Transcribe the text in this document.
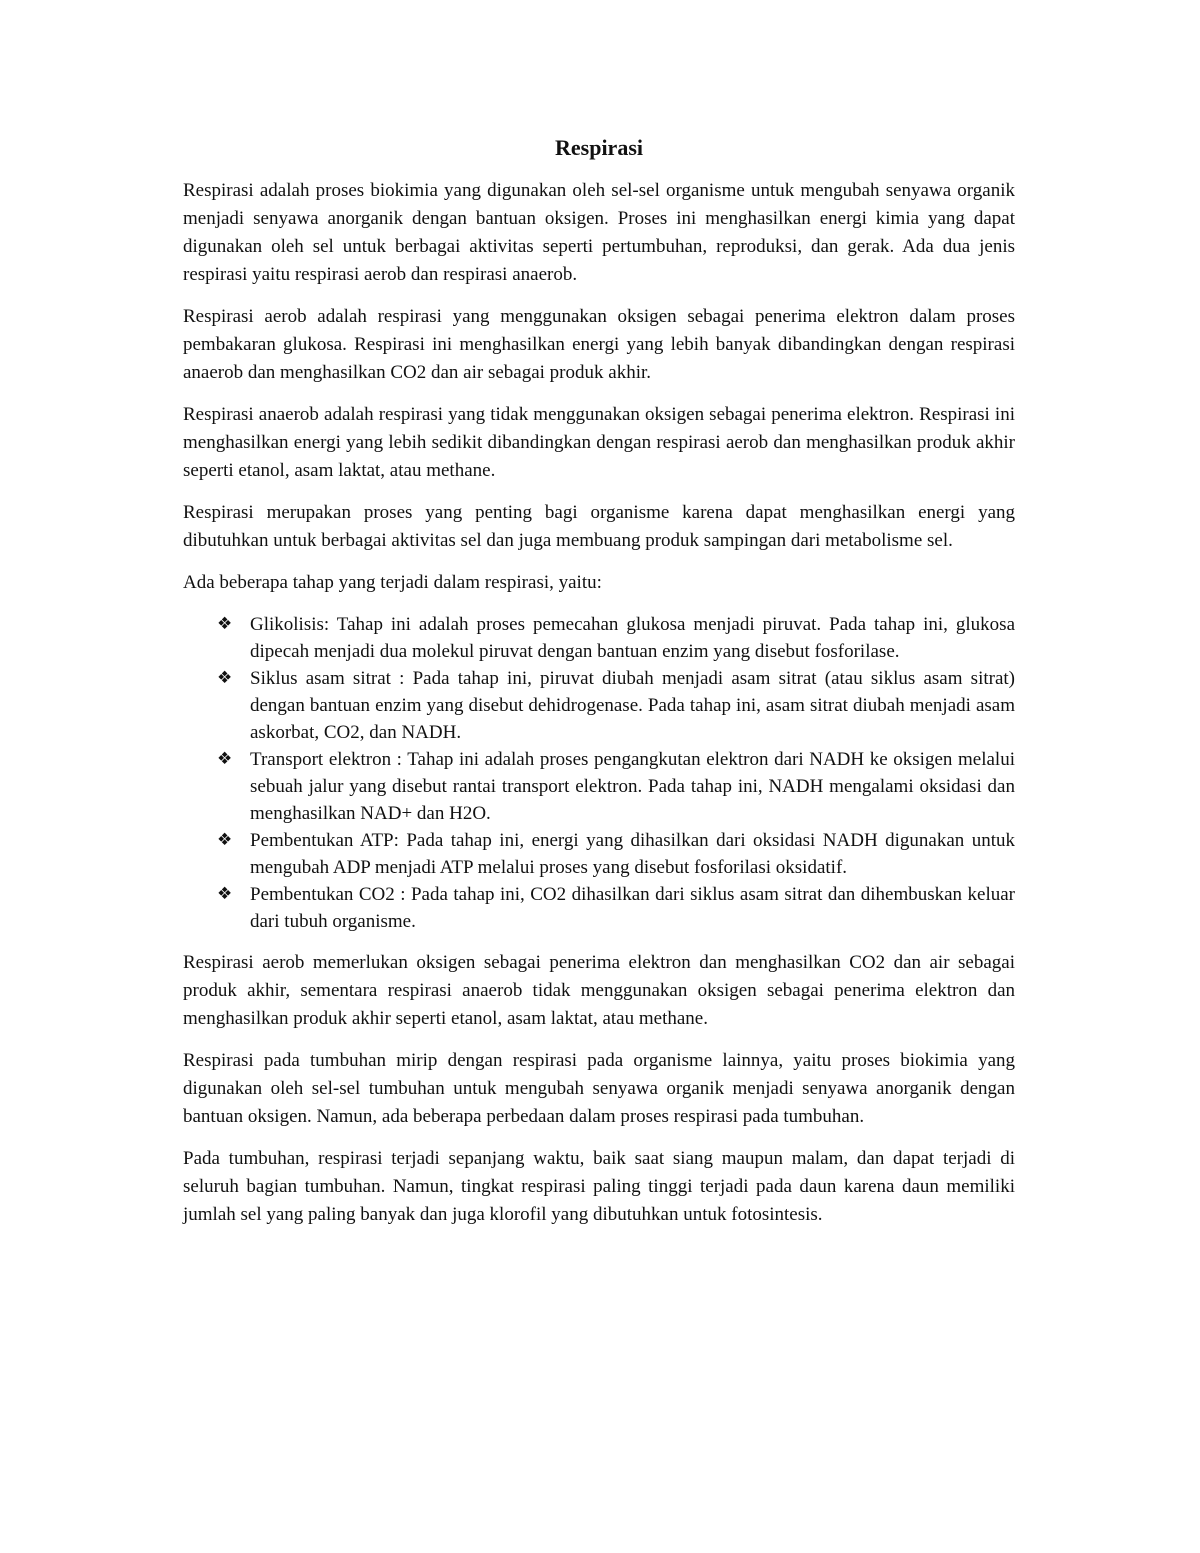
Respirasi

Respirasi adalah proses biokimia yang digunakan oleh sel-sel organisme untuk mengubah senyawa organik menjadi senyawa anorganik dengan bantuan oksigen. Proses ini menghasilkan energi kimia yang dapat digunakan oleh sel untuk berbagai aktivitas seperti pertumbuhan, reproduksi, dan gerak. Ada dua jenis respirasi yaitu respirasi aerob dan respirasi anaerob.

Respirasi aerob adalah respirasi yang menggunakan oksigen sebagai penerima elektron dalam proses pembakaran glukosa. Respirasi ini menghasilkan energi yang lebih banyak dibandingkan dengan respirasi anaerob dan menghasilkan CO2 dan air sebagai produk akhir.

Respirasi anaerob adalah respirasi yang tidak menggunakan oksigen sebagai penerima elektron. Respirasi ini menghasilkan energi yang lebih sedikit dibandingkan dengan respirasi aerob dan menghasilkan produk akhir seperti etanol, asam laktat, atau methane.

Respirasi merupakan proses yang penting bagi organisme karena dapat menghasilkan energi yang dibutuhkan untuk berbagai aktivitas sel dan juga membuang produk sampingan dari metabolisme sel.

Ada beberapa tahap yang terjadi dalam respirasi, yaitu:

❖ Glikolisis: Tahap ini adalah proses pemecahan glukosa menjadi piruvat. Pada tahap ini, glukosa dipecah menjadi dua molekul piruvat dengan bantuan enzim yang disebut fosforilase.
❖ Siklus asam sitrat : Pada tahap ini, piruvat diubah menjadi asam sitrat (atau siklus asam sitrat) dengan bantuan enzim yang disebut dehidrogenase. Pada tahap ini, asam sitrat diubah menjadi asam askorbat, CO2, dan NADH.
❖ Transport elektron : Tahap ini adalah proses pengangkutan elektron dari NADH ke oksigen melalui sebuah jalur yang disebut rantai transport elektron. Pada tahap ini, NADH mengalami oksidasi dan menghasilkan NAD+ dan H2O.
❖ Pembentukan ATP: Pada tahap ini, energi yang dihasilkan dari oksidasi NADH digunakan untuk mengubah ADP menjadi ATP melalui proses yang disebut fosforilasi oksidatif.
❖ Pembentukan CO2 : Pada tahap ini, CO2 dihasilkan dari siklus asam sitrat dan dihembuskan keluar dari tubuh organisme.

Respirasi aerob memerlukan oksigen sebagai penerima elektron dan menghasilkan CO2 dan air sebagai produk akhir, sementara respirasi anaerob tidak menggunakan oksigen sebagai penerima elektron dan menghasilkan produk akhir seperti etanol, asam laktat, atau methane.

Respirasi pada tumbuhan mirip dengan respirasi pada organisme lainnya, yaitu proses biokimia yang digunakan oleh sel-sel tumbuhan untuk mengubah senyawa organik menjadi senyawa anorganik dengan bantuan oksigen. Namun, ada beberapa perbedaan dalam proses respirasi pada tumbuhan.

Pada tumbuhan, respirasi terjadi sepanjang waktu, baik saat siang maupun malam, dan dapat terjadi di seluruh bagian tumbuhan. Namun, tingkat respirasi paling tinggi terjadi pada daun karena daun memiliki jumlah sel yang paling banyak dan juga klorofil yang dibutuhkan untuk fotosintesis.
